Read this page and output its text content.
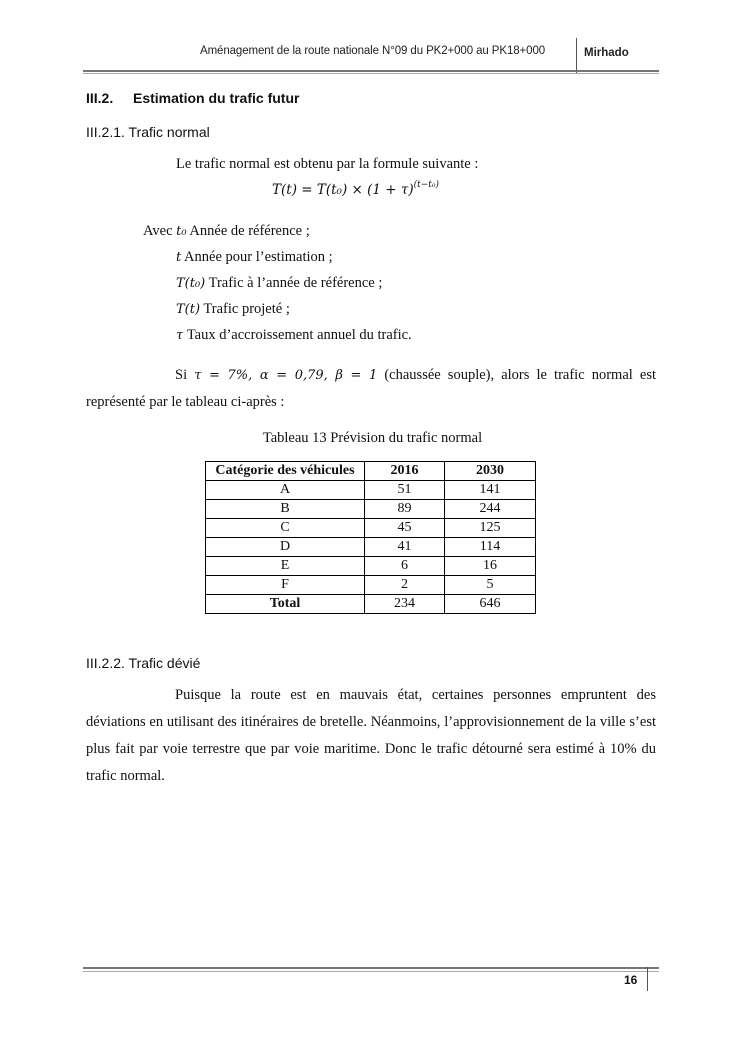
Aménagement de la route nationale N°09 du PK2+000 au PK18+000	Mirhado
III.2. Estimation du trafic futur
III.2.1. Trafic normal
Le trafic normal est obtenu par la formule suivante :
$T(t) = T(t_0) \times (1 + \tau)^{(t-t_0)}$
Avec t₀ Année de référence ;
t Année pour l’estimation ;
T(t₀) Trafic à l’année de référence ;
T(t) Trafic projeté ;
τ Taux d’accroissement annuel du trafic.
Si τ = 7%, α = 0,79, β = 1 (chaussée souple), alors le trafic normal est représenté par le tableau ci-après :
Tableau 13 Prévision du trafic normal
Catégorie des véhicules	2016	2030
A	51	141
B	89	244
C	45	125
D	41	114
E	6	16
F	2	5
Total	234	646
III.2.2. Trafic dévié
Puisque la route est en mauvais état, certaines personnes empruntent des déviations en utilisant des itinéraires de bretelle. Néanmoins, l’approvisionnement de la ville s’est plus fait par voie terrestre que par voie maritime. Donc le trafic détourné sera estimé à 10% du trafic normal.
16
